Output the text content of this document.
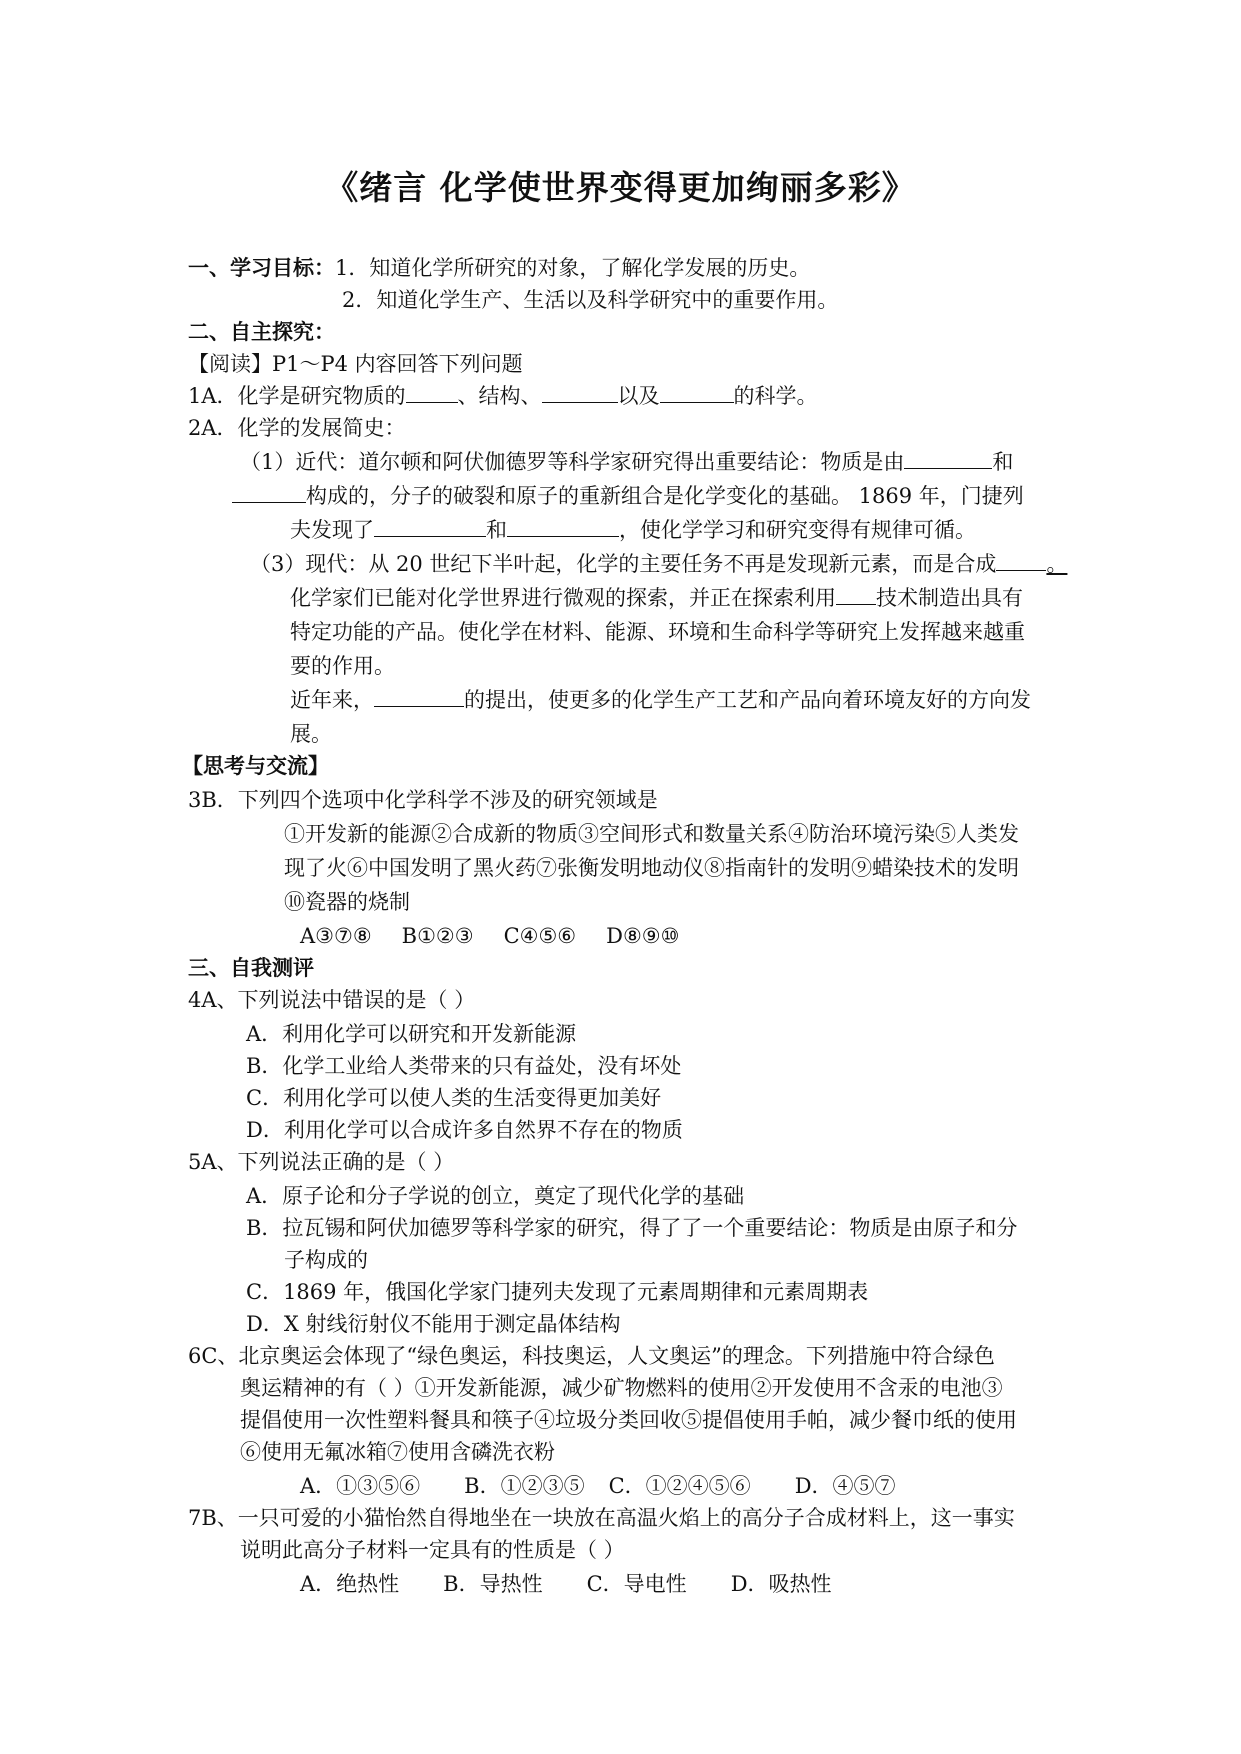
《绪言 化学使世界变得更加绚丽多彩》
一、学习目标：1．知道化学所研究的对象，了解化学发展的历史。
2．知道化学生产、生活以及科学研究中的重要作用。
二、自主探究：
【阅读】P1～P4 内容回答下列问题
1A．化学是研究物质的 、结构、	以及	的科学。
2A．化学的发展简史：
（1）近代：道尔顿和阿伏伽德罗等科学家研究得出重要结论：物质是由	和
构成的，分子的破裂和原子的重新组合是化学变化的基础。 1869 年，门捷列
夫发现了	和	，使化学学习和研究变得有规律可循。
（3）现代：从 20 世纪下半叶起，化学的主要任务不再是发现新元素，而是合成 。
化学家们已能对化学世界进行微观的探索，并正在探索利用 技术制造出具有
特定功能的产品。使化学在材料、能源、环境和生命科学等研究上发挥越来越重
要的作用。
近年来，	的提出，使更多的化学生产工艺和产品向着环境友好的方向发
展。
【思考与交流】
3B．下列四个选项中化学科学不涉及的研究领域是
①开发新的能源②合成新的物质③空间形式和数量关系④防治环境污染⑤人类发
现了火⑥中国发明了黑火药⑦张衡发明地动仪⑧指南针的发明⑨蜡染技术的发明
⑩瓷器的烧制
A③⑦⑧ B①②③ C④⑤⑥ D⑧⑨⑩
三、自我测评
4A、下列说法中错误的是（ ）
A．利用化学可以研究和开发新能源
B．化学工业给人类带来的只有益处，没有坏处
C．利用化学可以使人类的生活变得更加美好
D．利用化学可以合成许多自然界不存在的物质
5A、下列说法正确的是（ ）
A．原子论和分子学说的创立，奠定了现代化学的基础
B．拉瓦锡和阿伏加德罗等科学家的研究，得了了一个重要结论：物质是由原子和分
子构成的
C．1869 年，俄国化学家门捷列夫发现了元素周期律和元素周期表
D．X 射线衍射仪不能用于测定晶体结构
6C、北京奥运会体现了“绿色奥运，科技奥运，人文奥运”的理念。下列措施中符合绿色
奥运精神的有（ ）①开发新能源，减少矿物燃料的使用②开发使用不含汞的电池③
提倡使用一次性塑料餐具和筷子④垃圾分类回收⑤提倡使用手帕，减少餐巾纸的使用
⑥使用无氟冰箱⑦使用含磷洗衣粉
A．①③⑤⑥ B．①②③⑤ C．①②④⑤⑥ D．④⑤⑦
7B、一只可爱的小猫怡然自得地坐在一块放在高温火焰上的高分子合成材料上，这一事实
说明此高分子材料一定具有的性质是（ ）
A．绝热性 B．导热性 C．导电性 D．吸热性
